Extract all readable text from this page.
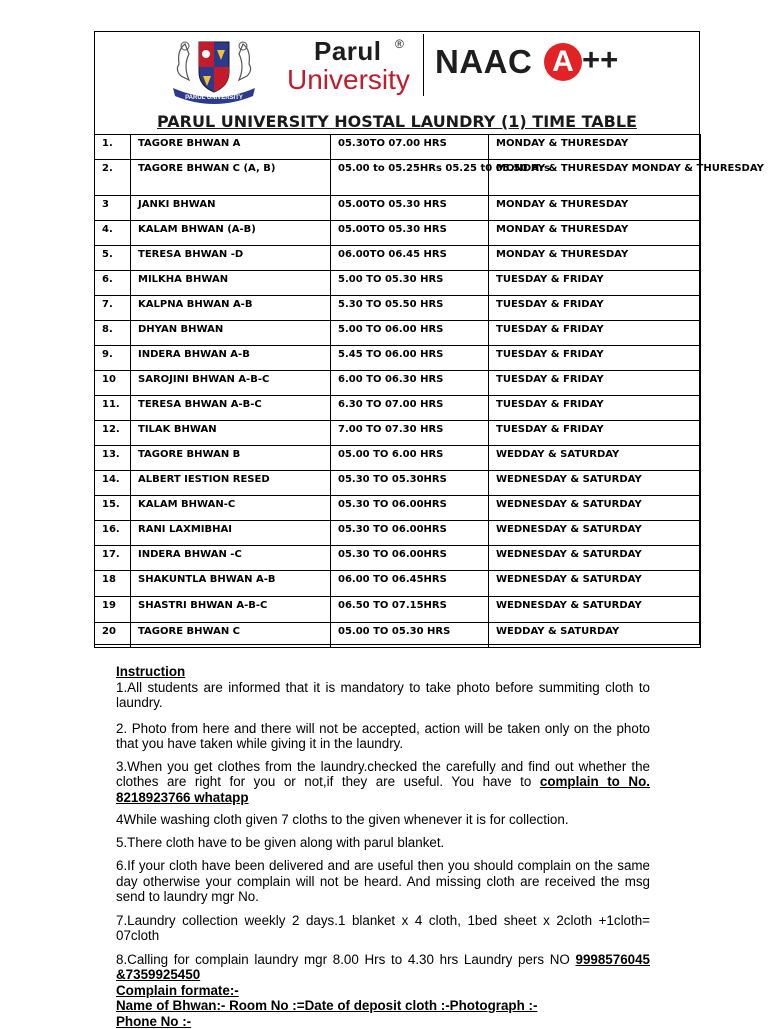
PARUL UNIVERSITY
Parul ®
University NAAC A ++
PARUL UNIVERSITY HOSTAL LAUNDRY (1) TIME TABLE
1.	TAGORE BHWAN A	05.30TO 07.00 HRS	MONDAY & THURESDAY
2.	TAGORE BHWAN C (A, B)	05.00 to 05.25HRs 05.25 t0 05.50 Hrs	MONDAY & THURESDAY MONDAY & THURESDAY
3	JANKI BHWAN	05.00TO 05.30 HRS	MONDAY & THURESDAY
4.	KALAM BHWAN (A-B)	05.00TO 05.30 HRS	MONDAY & THURESDAY
5.	TERESA BHWAN -D	06.00TO 06.45 HRS	MONDAY & THURESDAY
6.	MILKHA BHWAN	5.00 TO 05.30 HRS	TUESDAY & FRIDAY
7.	KALPNA BHWAN A-B	5.30 TO 05.50 HRS	TUESDAY & FRIDAY
8.	DHYAN BHWAN	5.00 TO 06.00 HRS	TUESDAY & FRIDAY
9.	INDERA BHWAN A-B	5.45 TO 06.00 HRS	TUESDAY & FRIDAY
10	SAROJINI BHWAN A-B-C	6.00 TO 06.30 HRS	TUESDAY & FRIDAY
11.	TERESA BHWAN A-B-C	6.30 TO 07.00 HRS	TUESDAY & FRIDAY
12.	TILAK BHWAN	7.00 TO 07.30 HRS	TUESDAY & FRIDAY
13.	TAGORE BHWAN B	05.00 TO 6.00 HRS	WEDDAY & SATURDAY
14.	ALBERT IESTION RESED	05.30 TO 05.30HRS	WEDNESDAY & SATURDAY
15.	KALAM BHWAN-C	05.30 TO 06.00HRS	WEDNESDAY & SATURDAY
16.	RANI LAXMIBHAI	05.30 TO 06.00HRS	WEDNESDAY & SATURDAY
17.	INDERA BHWAN -C	05.30 TO 06.00HRS	WEDNESDAY & SATURDAY
18	SHAKUNTLA BHWAN A-B	06.00 TO 06.45HRS	WEDNESDAY & SATURDAY
19	SHASTRI BHWAN A-B-C	06.50 TO 07.15HRS	WEDNESDAY & SATURDAY
20	TAGORE BHWAN C	05.00 TO 05.30 HRS	WEDDAY & SATURDAY

Instruction

1.All students are informed that it is mandatory to take photo before summiting cloth to laundry.

2. Photo from here and there will not be accepted, action will be taken only on the photo that you have taken while giving it in the laundry.

3.When you get clothes from the laundry.checked the carefully and find out whether the clothes are right for you or not,if they are useful. You have to complain to No. 8218923766 whatapp

4While washing cloth given 7 cloths to the given whenever it is for collection.

5.There cloth have to be given along with parul blanket.

6.If your cloth have been delivered and are useful then you should complain on the same day otherwise your complain will not be heard. And missing cloth are received the msg send to laundry mgr No.

7.Laundry collection weekly 2 days.1 blanket x 4 cloth, 1bed sheet x 2cloth +1cloth= 07cloth

8.Calling for complain laundry mgr 8.00 Hrs to 4.30 hrs Laundry pers NO 9998576045 &7359925450

Complain formate:-

Name of Bhwan:- Room No :=Date of deposit cloth :-Photograph :-

Phone No :-
